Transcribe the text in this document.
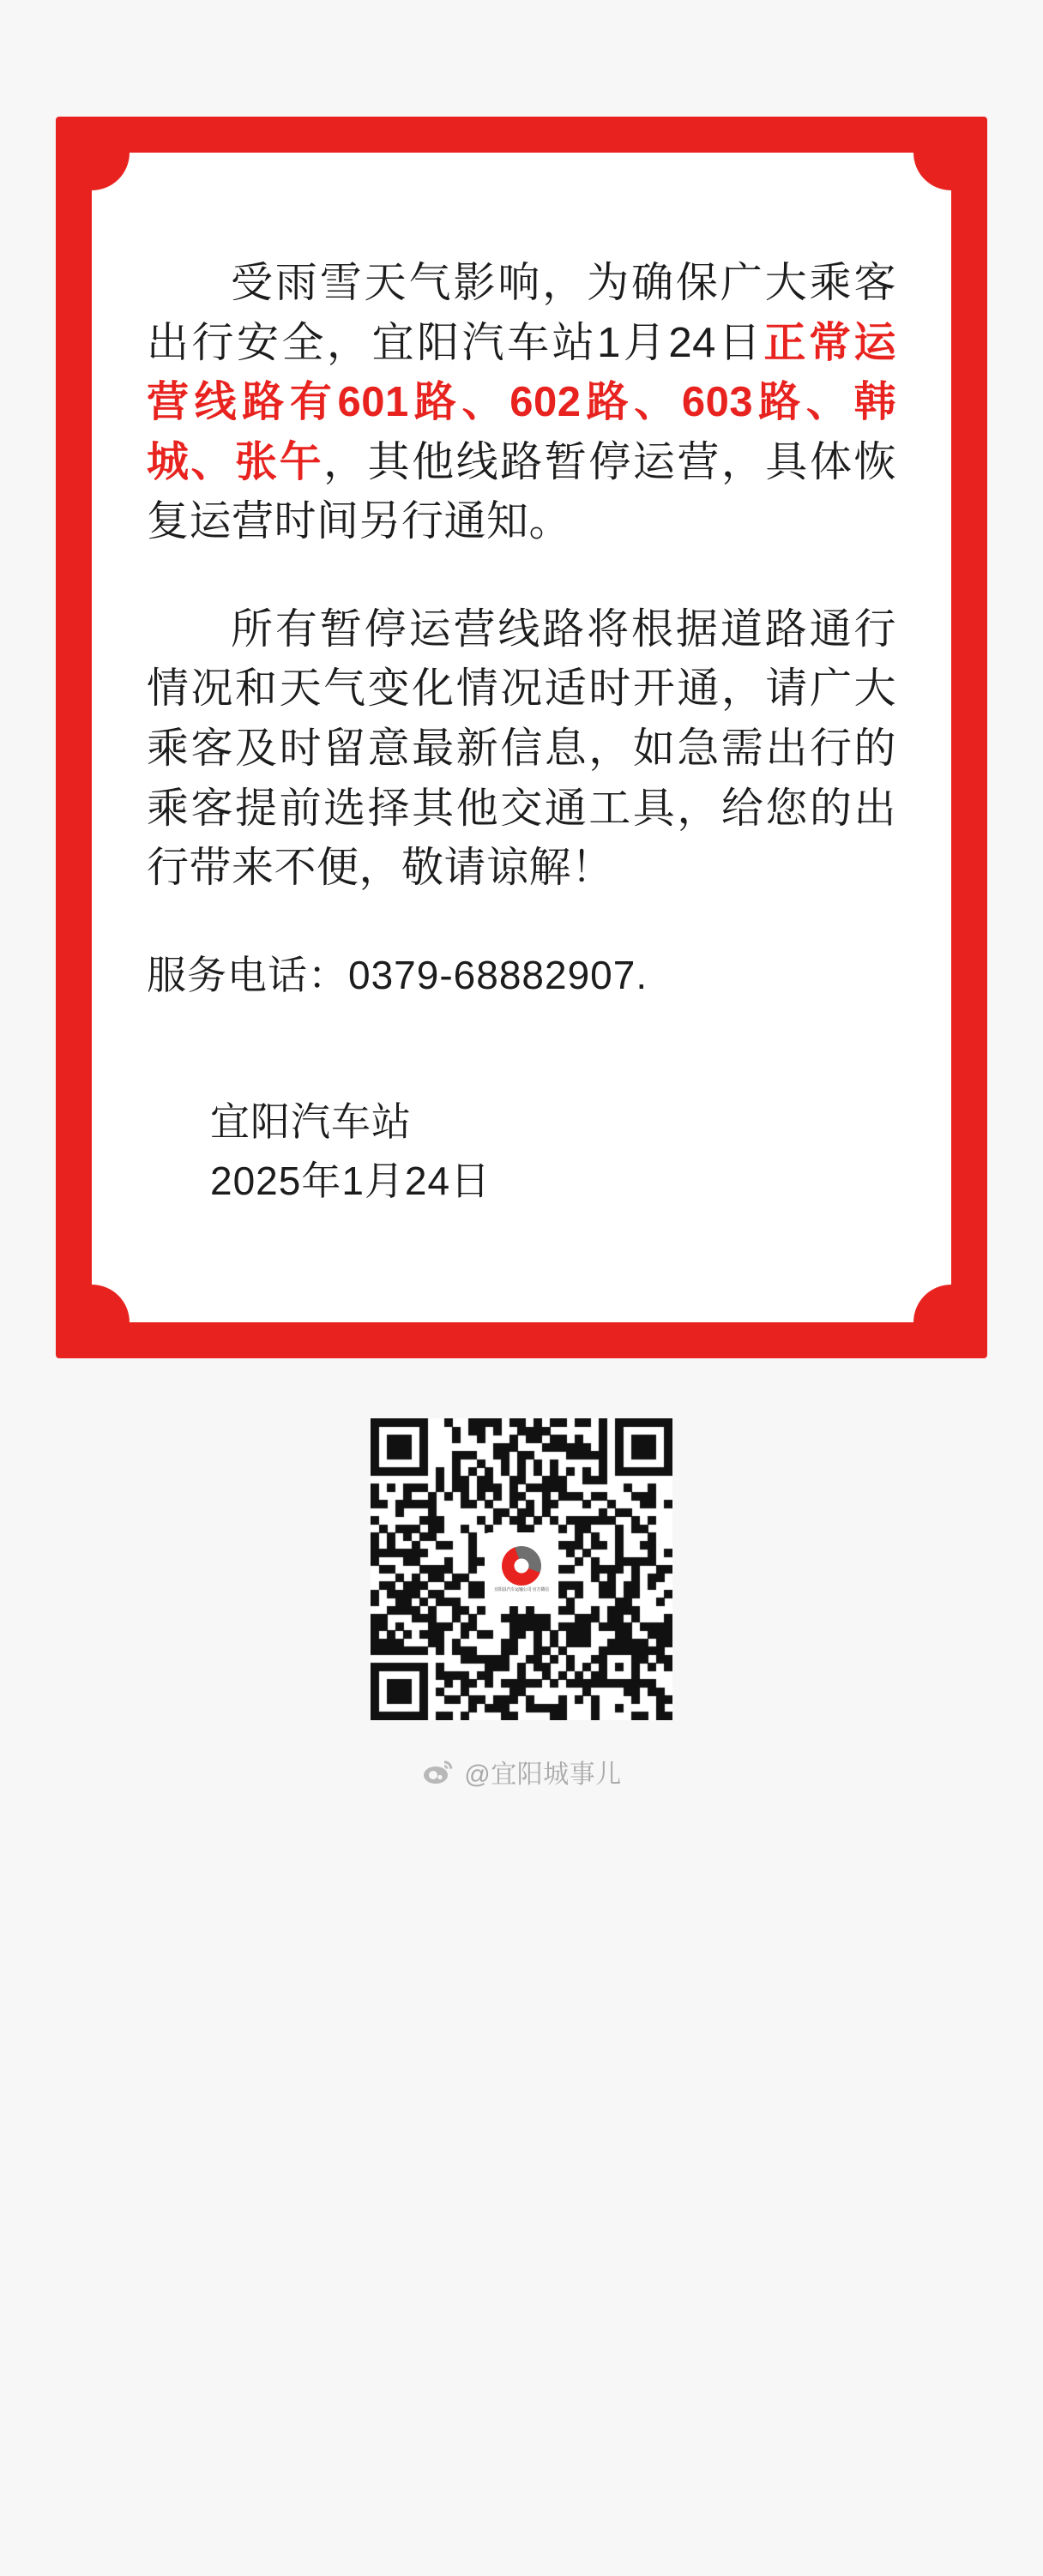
受雨雪天气影响，为确保广大乘客出行安全，宜阳汽车站1月24日正常运营线路有601路、602路、603路、韩城、张午，其他线路暂停运营，具体恢复运营时间另行通知。

所有暂停运营线路将根据道路通行情况和天气变化情况适时开通，请广大乘客及时留意最新信息，如急需出行的乘客提前选择其他交通工具，给您的出行带来不便，敬请谅解！

服务电话：0379-68882907.

宜阳汽车站
2025年1月24日
宜阳县汽车运输公司 官方微信
@宜阳城事儿
